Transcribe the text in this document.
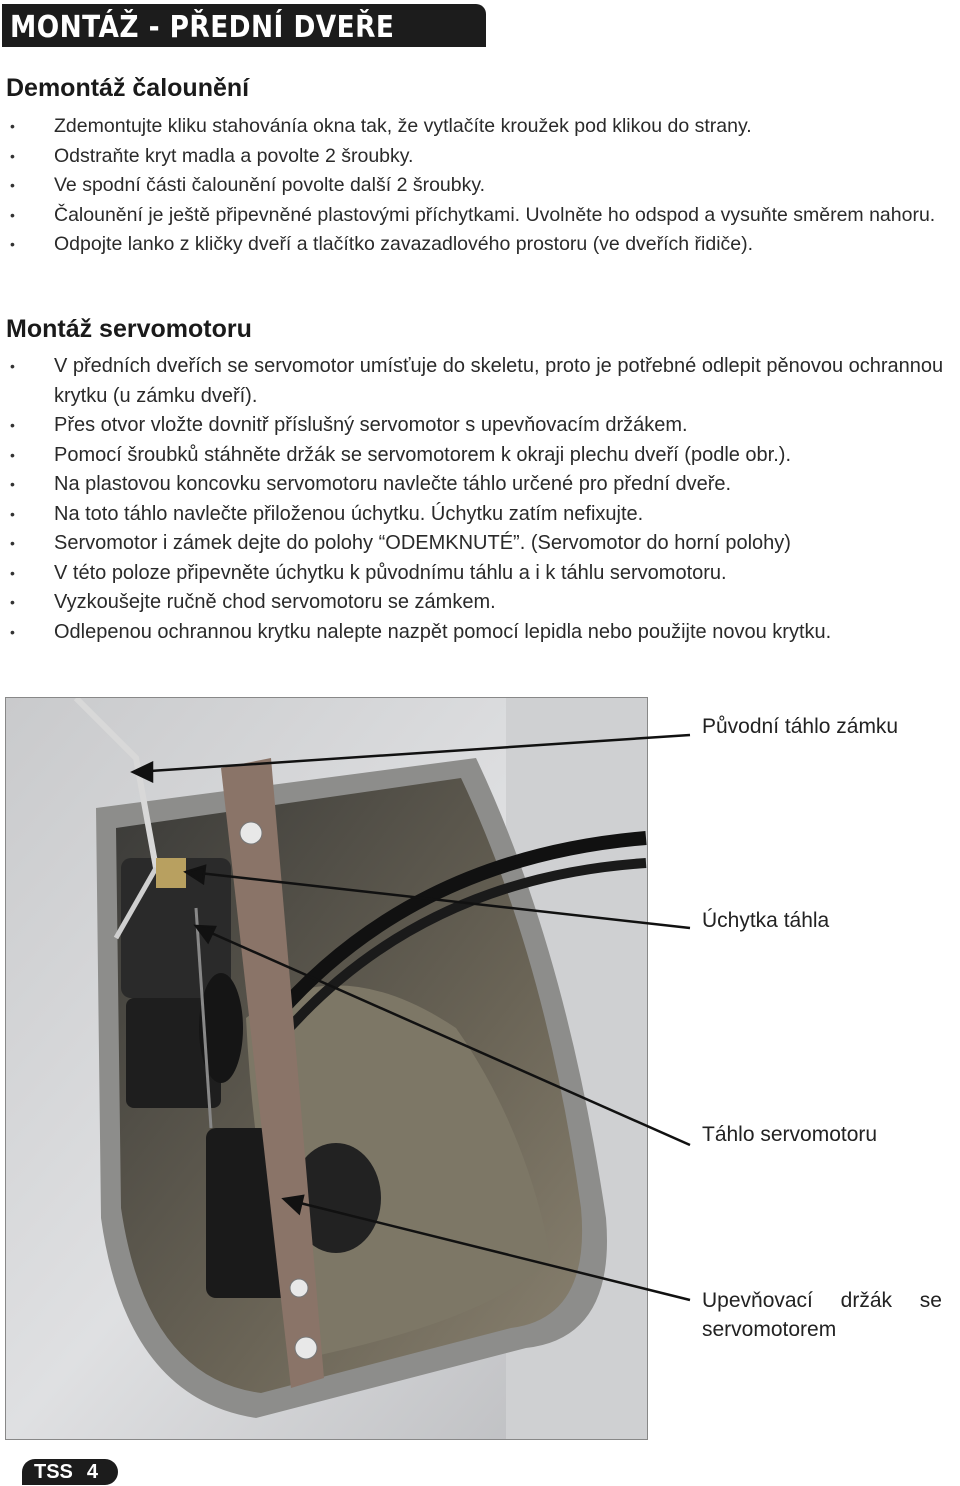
MONTÁŽ - PŘEDNÍ DVEŘE
Demontáž čalounění
• Zdemontujte kliku stahovánía okna tak, že vytlačíte kroužek pod klikou do strany.
• Odstraňte kryt madla a povolte 2 šroubky.
• Ve spodní části čalounění povolte další 2 šroubky.
• Čalounění je ještě připevněné plastovými příchytkami. Uvolněte ho odspod a vysuňte směrem nahoru.
• Odpojte lanko z kličky dveří a tlačítko zavazadlového prostoru (ve dveřích řidiče).
Montáž servomotoru
• V předních dveřích se servomotor umísťuje do skeletu, proto je potřebné odlepit pěnovou ochrannou krytku (u zámku dveří).
• Přes otvor vložte dovnitř příslušný servomotor s upevňovacím držákem.
• Pomocí šroubků stáhněte držák se servomotorem k okraji plechu dveří (podle obr.).
• Na plastovou koncovku servomotoru navlečte táhlo určené pro přední dveře.
• Na toto táhlo navlečte přiloženou úchytku. Úchytku zatím nefixujte.
• Servomotor i zámek dejte do polohy “ODEMKNUTÉ”. (Servomotor do horní polohy)
• V této poloze připevněte úchytku k původnímu táhlu a i k táhlu servomotoru.
• Vyzkoušejte ručně chod servomotoru se zámkem.
• Odlepenou ochrannou krytku nalepte nazpět pomocí lepidla nebo použijte novou krytku.
Původní táhlo zámku
Úchytka táhla
Táhlo servomotoru
Upevňovací držák se servomotorem
TSS 4
